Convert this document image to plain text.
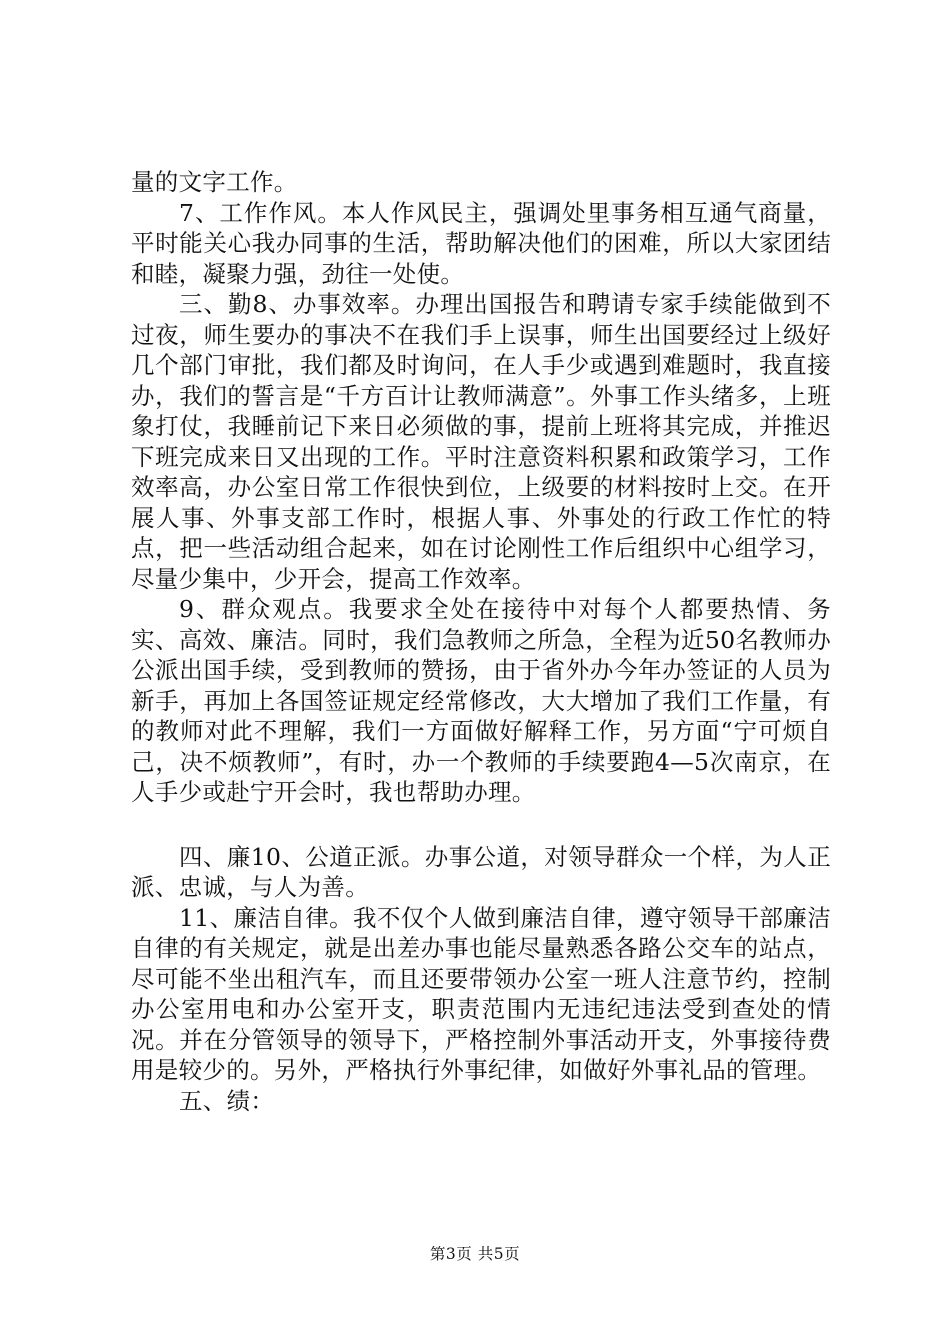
量的文字工作。

7、工作作风。本人作风民主，强调处里事务相互通气商量，平时能关心我办同事的生活，帮助解决他们的困难，所以大家团结和睦，凝聚力强，劲往一处使。

三、勤8、办事效率。办理出国报告和聘请专家手续能做到不过夜，师生要办的事决不在我们手上误事，师生出国要经过上级好几个部门审批，我们都及时询问，在人手少或遇到难题时，我直接办，我们的誓言是“千方百计让教师满意”。外事工作头绪多，上班象打仗，我睡前记下来日必须做的事，提前上班将其完成，并推迟下班完成来日又出现的工作。平时注意资料积累和政策学习，工作效率高，办公室日常工作很快到位，上级要的材料按时上交。在开展人事、外事支部工作时，根据人事、外事处的行政工作忙的特点，把一些活动组合起来，如在讨论刚性工作后组织中心组学习，尽量少集中，少开会，提高工作效率。

9、群众观点。我要求全处在接待中对每个人都要热情、务实、高效、廉洁。同时，我们急教师之所急，全程为近50名教师办公派出国手续，受到教师的赞扬，由于省外办今年办签证的人员为新手，再加上各国签证规定经常修改，大大增加了我们工作量，有的教师对此不理解，我们一方面做好解释工作，另方面“宁可烦自己，决不烦教师”，有时，办一个教师的手续要跑4—5次南京，在人手少或赴宁开会时，我也帮助办理。

四、廉10、公道正派。办事公道，对领导群众一个样，为人正派、忠诚，与人为善。

11、廉洁自律。我不仅个人做到廉洁自律，遵守领导干部廉洁自律的有关规定，就是出差办事也能尽量熟悉各路公交车的站点，尽可能不坐出租汽车，而且还要带领办公室一班人注意节约，控制办公室用电和办公室开支，职责范围内无违纪违法受到查处的情况。并在分管领导的领导下，严格控制外事活动开支，外事接待费用是较少的。另外，严格执行外事纪律，如做好外事礼品的管理。

五、绩：

第3页 共5页
